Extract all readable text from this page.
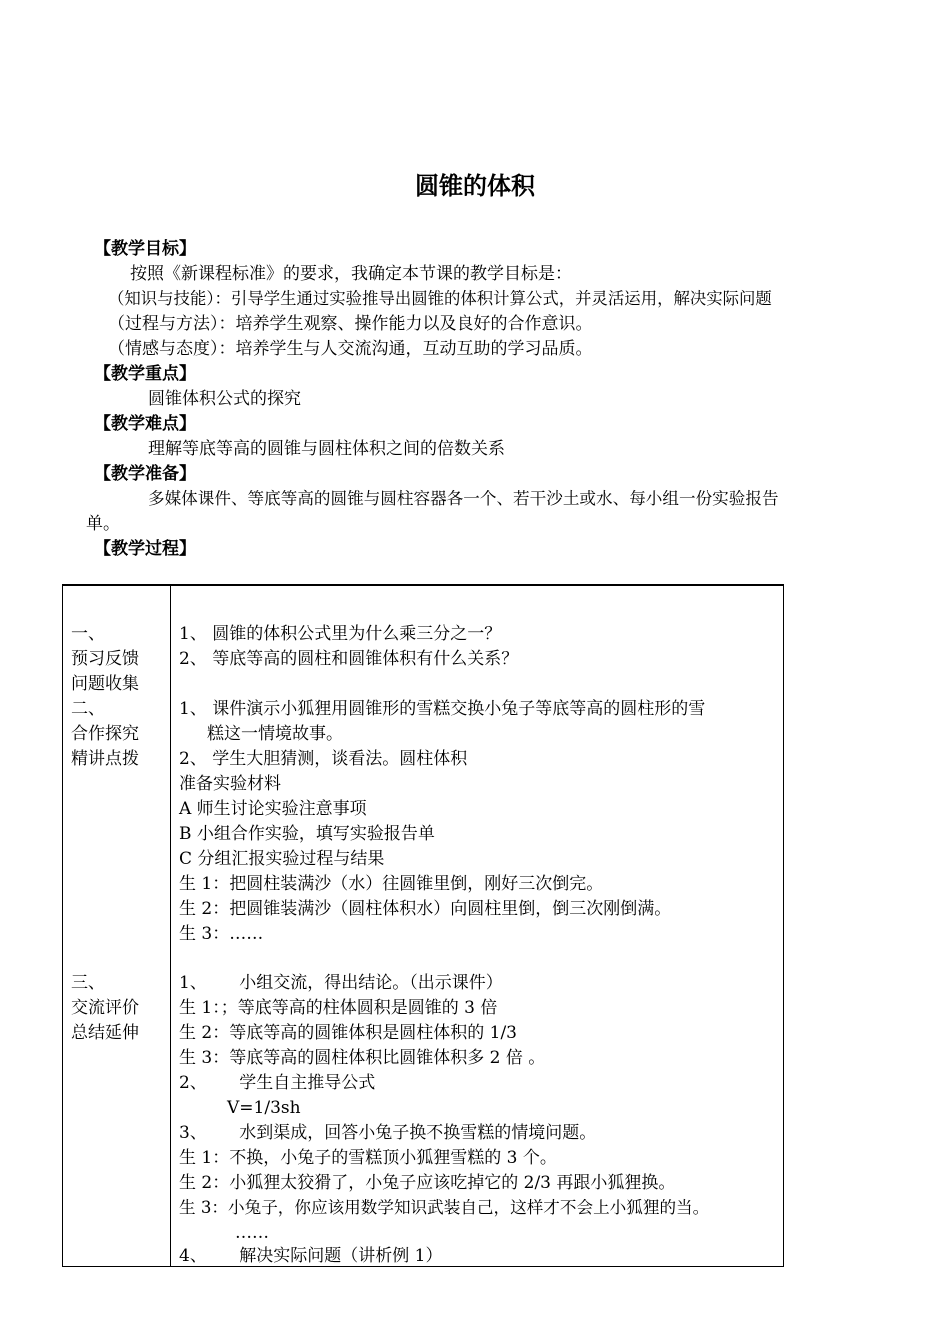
圆锥的体积
【教学目标】
按照《新课程标准》的要求，我确定本节课的教学目标是：
（知识与技能）：引导学生通过实验推导出圆锥的体积计算公式，并灵活运用，解决实际问题
（过程与方法）：培养学生观察、操作能力以及良好的合作意识。
（情感与态度）：培养学生与人交流沟通，互动互助的学习品质。
【教学重点】
圆锥体积公式的探究
【教学难点】
理解等底等高的圆锥与圆柱体积之间的倍数关系
【教学准备】
多媒体课件、等底等高的圆锥与圆柱容器各一个、若干沙土或水、每小组一份实验报告
单。
【教学过程】
一、
预习反馈
问题收集
二、
合作探究
精讲点拨
三、
交流评价
总结延伸
1、 圆锥的体积公式里为什么乘三分之一？
2、 等底等高的圆柱和圆锥体积有什么关系？
1、 课件演示小狐狸用圆锥形的雪糕交换小兔子等底等高的圆柱形的雪
糕这一情境故事。
2、 学生大胆猜测，谈看法。圆柱体积
准备实验材料
A 师生讨论实验注意事项
B 小组合作实验，填写实验报告单
C 分组汇报实验过程与结果
生 1：把圆柱装满沙（水）往圆锥里倒，刚好三次倒完。
生 2：把圆锥装满沙（圆柱体积水）向圆柱里倒，倒三次刚倒满。
生 3：……
1、      小组交流，得出结论。（出示课件）
生 1：；等底等高的柱体圆积是圆锥的 3 倍
生 2：等底等高的圆锥体积是圆柱体积的 1/3
生 3：等底等高的圆柱体积比圆锥体积多 2 倍 。
2、      学生自主推导公式
V=1/3sh
3、      水到渠成，回答小兔子换不换雪糕的情境问题。
生 1：不换，小兔子的雪糕顶小狐狸雪糕的 3 个。
生 2：小狐狸太狡猾了，小兔子应该吃掉它的 2/3 再跟小狐狸换。
生 3：小兔子，你应该用数学知识武装自己，这样才不会上小狐狸的当。
……
4、      解决实际问题（讲析例 1）
